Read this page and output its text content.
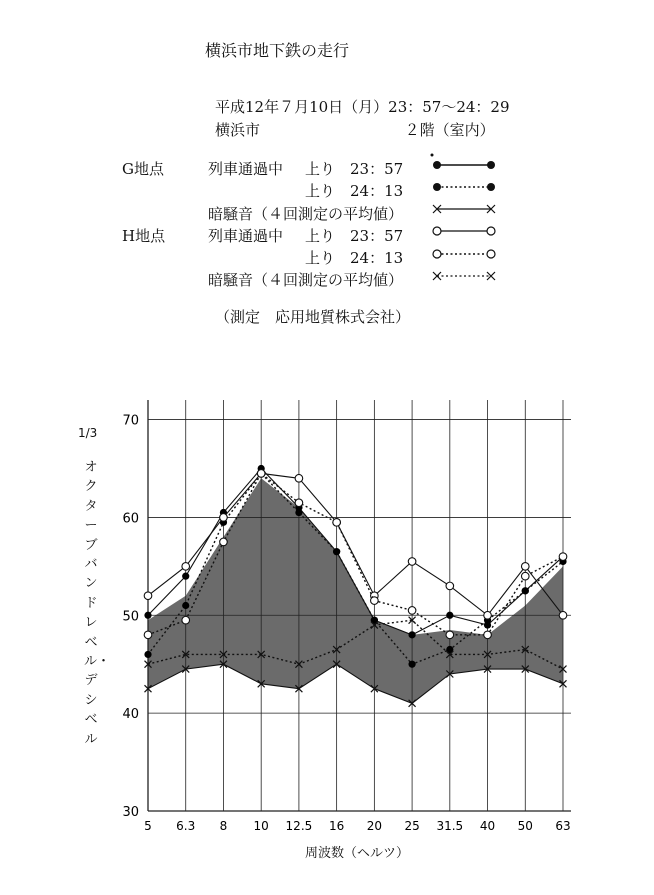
横浜市地下鉄の走行
平成12年７月10日（月）23：57〜24：29
横浜市	２階（室内）
G地点	列車通過中 上り 23：57
上り 24：13
暗騒音（４回測定の平均値）
H地点	列車通過中 上り 23：57
上り 24：13
暗騒音（４回測定の平均値）
（測定　応用地質株式会社）
1/3
オクターブバンドレベル・デシベル
周波数（ヘルツ）
30
40
50
60
70
5 6.3 8 10 12.5 16 20 25 31.5 40 50 63
